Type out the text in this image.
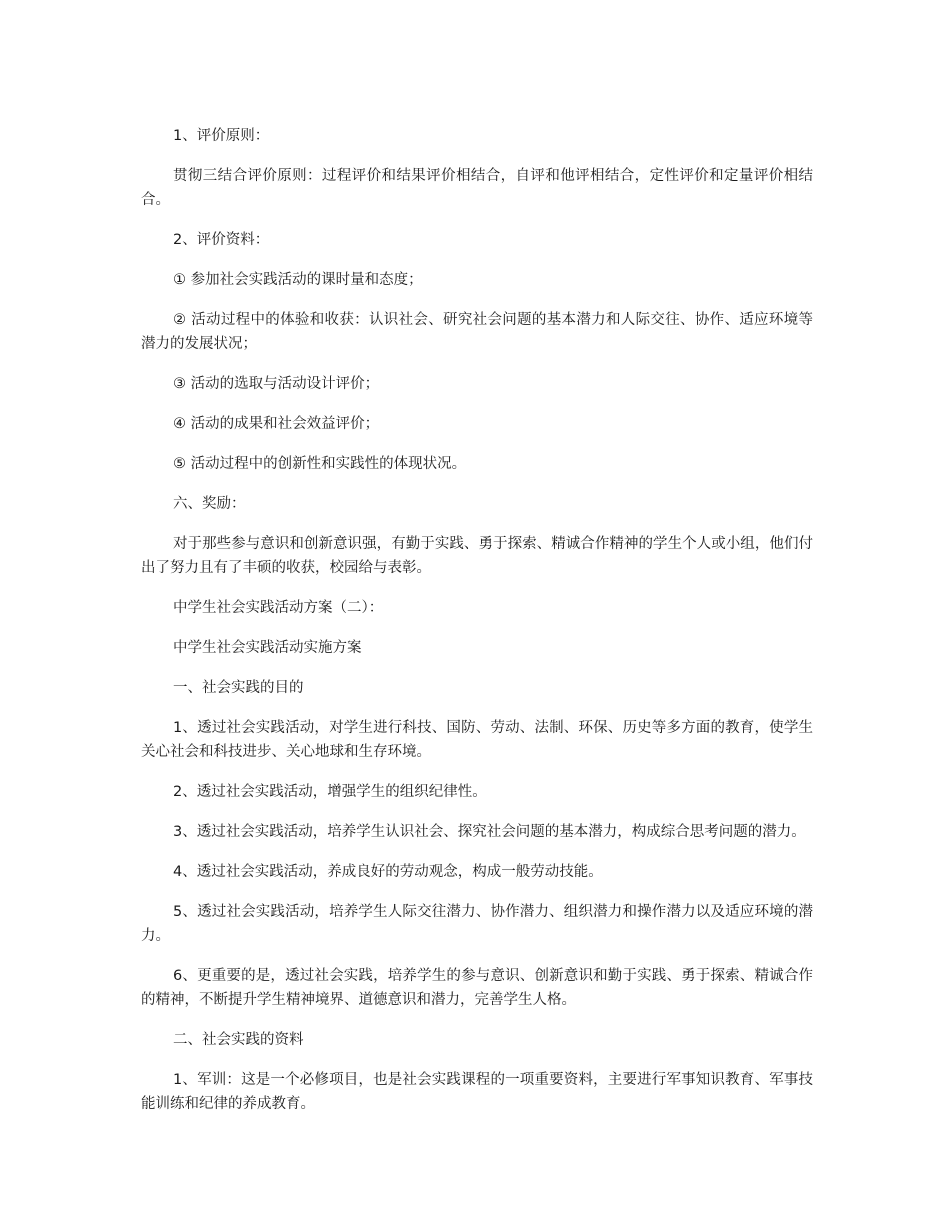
1、评价原则：

贯彻三结合评价原则：过程评价和结果评价相结合，自评和他评相结合，定性评价和定量评价相结合。

2、评价资料：

① 参加社会实践活动的课时量和态度；

② 活动过程中的体验和收获：认识社会、研究社会问题的基本潜力和人际交往、协作、适应环境等潜力的发展状况；

③ 活动的选取与活动设计评价；

④ 活动的成果和社会效益评价；

⑤ 活动过程中的创新性和实践性的体现状况。

六、奖励：

对于那些参与意识和创新意识强，有勤于实践、勇于探索、精诚合作精神的学生个人或小组，他们付出了努力且有了丰硕的收获，校园给与表彰。

中学生社会实践活动方案（二）：

中学生社会实践活动实施方案

一、社会实践的目的

1、透过社会实践活动，对学生进行科技、国防、劳动、法制、环保、历史等多方面的教育，使学生关心社会和科技进步、关心地球和生存环境。

2、透过社会实践活动，增强学生的组织纪律性。

3、透过社会实践活动，培养学生认识社会、探究社会问题的基本潜力，构成综合思考问题的潜力。

4、透过社会实践活动，养成良好的劳动观念，构成一般劳动技能。

5、透过社会实践活动，培养学生人际交往潜力、协作潜力、组织潜力和操作潜力以及适应环境的潜力。

6、更重要的是，透过社会实践，培养学生的参与意识、创新意识和勤于实践、勇于探索、精诚合作的精神，不断提升学生精神境界、道德意识和潜力，完善学生人格。

二、社会实践的资料

1、军训：这是一个必修项目，也是社会实践课程的一项重要资料，主要进行军事知识教育、军事技能训练和纪律的养成教育。
